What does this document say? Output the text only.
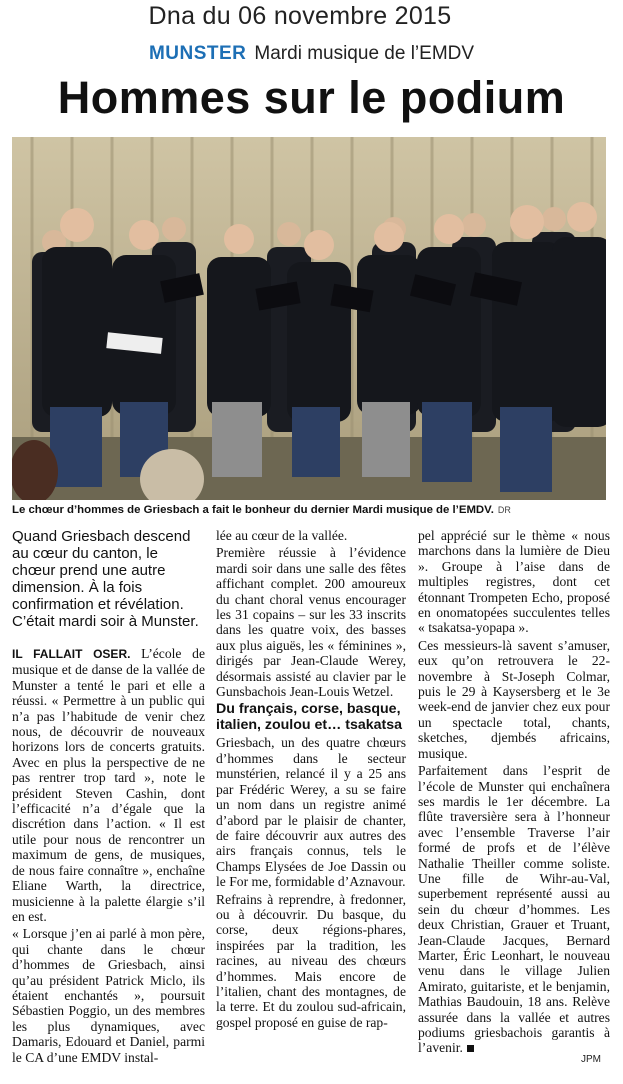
Dna du 06 novembre 2015
MUNSTER Mardi musique de l’EMDV
Hommes sur le podium
Le chœur d’hommes de Griesbach a fait le bonheur du dernier Mardi musique de l’EMDV. DR

Quand Griesbach descend au cœur du canton, le chœur prend une autre dimension. À la fois confirmation et révélation. C’était mardi soir à Munster.

IL FALLAIT OSER. L’école de musique et de danse de la vallée de Munster a tenté le pari et elle a réussi. « Permettre à un public qui n’a pas l’habitude de venir chez nous, de découvrir de nouveaux horizons lors de concerts gratuits. Avec en plus la perspective de ne pas rentrer trop tard », note le président Steven Cashin, dont l’efficacité n’a d’égale que la discrétion dans l’action. « Il est utile pour nous de rencontrer un maximum de gens, de musiques, de nous faire connaître », enchaîne Eliane Warth, la directrice, musicienne à la palette élargie s’il en est.

« Lorsque j’en ai parlé à mon père, qui chante dans le chœur d’hommes de Griesbach, ainsi qu’au président Patrick Miclo, ils étaient enchantés », poursuit Sébastien Poggio, un des membres les plus dynamiques, avec Damaris, Edouard et Daniel, parmi le CA d’une EMDV instal-

lée au cœur de la vallée.

Première réussie à l’évidence mardi soir dans une salle des fêtes affichant complet. 200 amoureux du chant choral venus encourager les 31 copains – sur les 33 inscrits dans les quatre voix, des basses aux plus aiguës, les « féminines », dirigés par Jean-Claude Werey, désormais assisté au clavier par le Gunsbachois Jean-Louis Wetzel.

Du français, corse, basque, italien, zoulou et… tsakatsa

Griesbach, un des quatre chœurs d’hommes dans le secteur munstérien, relancé il y a 25 ans par Frédéric Werey, a su se faire un nom dans un registre animé d’abord par le plaisir de chanter, de faire découvrir aux autres des airs français connus, tels le Champs Elysées de Joe Dassin ou le For me, formidable d’Aznavour.

Refrains à reprendre, à fredonner, ou à découvrir. Du basque, du corse, deux régions-phares, inspirées par la tradition, les racines, au niveau des chœurs d’hommes. Mais encore de l’italien, chant des montagnes, de la terre. Et du zoulou sud-africain, gospel proposé en guise de rap-

pel apprécié sur le thème « nous marchons dans la lumière de Dieu ». Groupe à l’aise dans de multiples registres, dont cet étonnant Trompeten Echo, proposé en onomatopées succulentes telles « tsakatsa-yopapa ».

Ces messieurs-là savent s’amuser, eux qu’on retrouvera le 22-novembre à St-Joseph Colmar, puis le 29 à Kaysersberg et le 3e week-end de janvier chez eux pour un spectacle total, chants, sketches, djembés africains, musique.

Parfaitement dans l’esprit de l’école de Munster qui enchaînera ses mardis le 1er décembre. La flûte traversière sera à l’honneur avec l’ensemble Traverse l’air formé de profs et de l’élève Nathalie Theiller comme soliste. Une fille de Wihr-au-Val, superbement représenté aussi au sein du chœur d’hommes. Les deux Christian, Grauer et Truant, Jean-Claude Jacques, Bernard Marter, Éric Leonhart, le nouveau venu dans le village Julien Amirato, guitariste, et le benjamin, Mathias Baudouin, 18 ans. Relève assurée dans la vallée et autres podiums griesbachois garantis à l’avenir.

JPM
